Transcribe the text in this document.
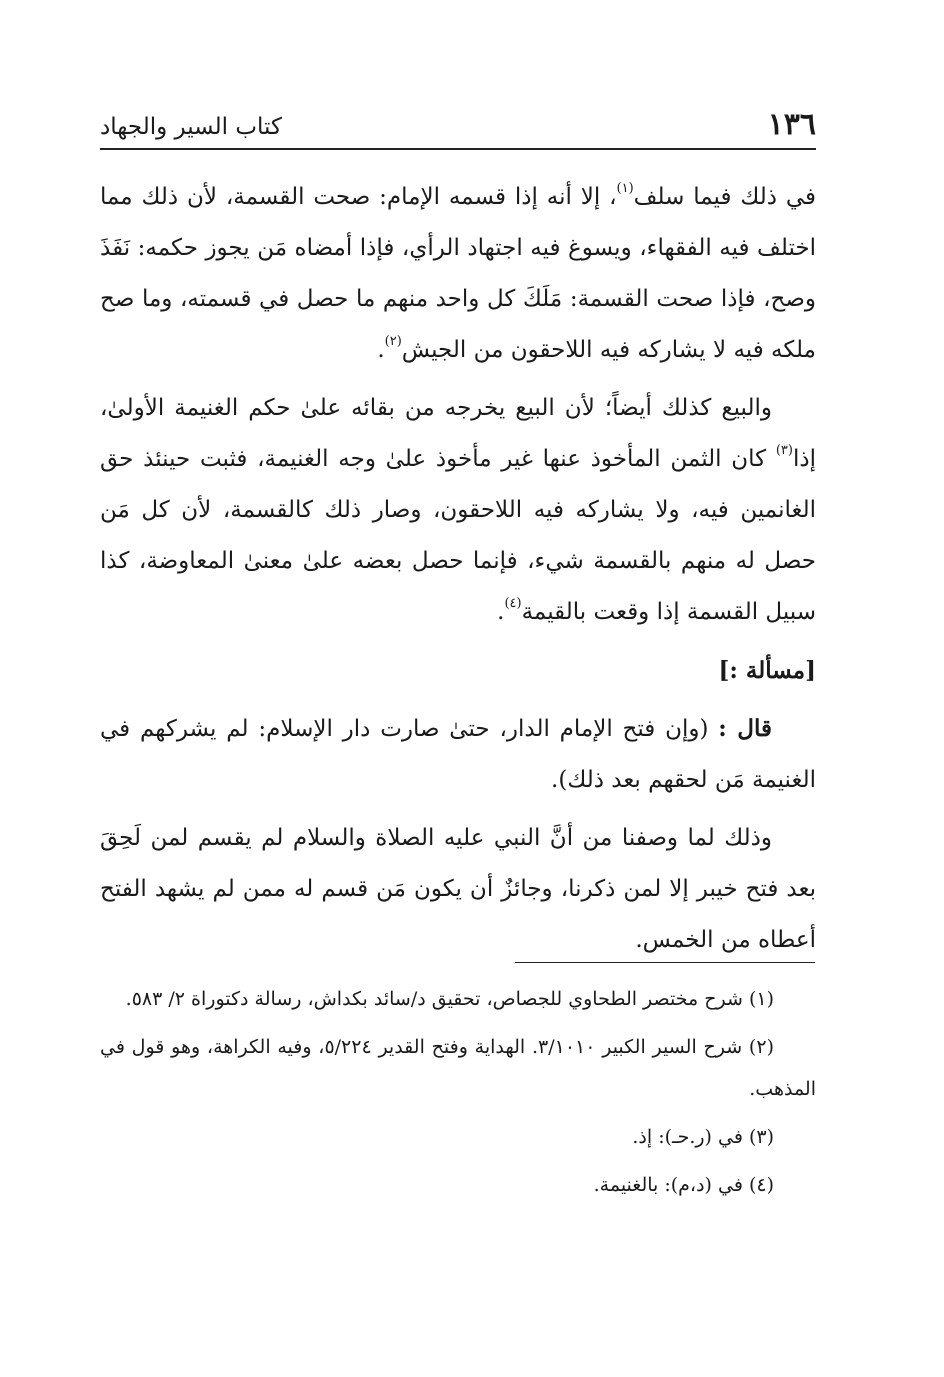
١٣٦
كتاب السير والجهاد

في ذلك فيما سلف$^{(١)}$، إلا أنه إذا قسمه الإمام: صحت القسمة، لأن ذلك مما اختلف فيه الفقهاء، ويسوغ فيه اجتهاد الرأي، فإذا أمضاه مَن يجوز حكمه: نَفَذَ وصح، فإذا صحت القسمة: مَلَكَ كل واحد منهم ما حصل في قسمته، وما صح ملكه فيه لا يشاركه فيه اللاحقون من الجيش$^{(٢)}$.

والبيع كذلك أيضاً؛ لأن البيع يخرجه من بقائه علىٰ حكم الغنيمة الأولىٰ، إذا$^{(٣)}$ كان الثمن المأخوذ عنها غير مأخوذ علىٰ وجه الغنيمة، فثبت حينئذ حق الغانمين فيه، ولا يشاركه فيه اللاحقون، وصار ذلك كالقسمة، لأن كل مَن حصل له منهم بالقسمة شيء، فإنما حصل بعضه علىٰ معنىٰ المعاوضة، كذا سبيل القسمة إذا وقعت بالقيمة$^{(٤)}$.

[مسألة :]

قال : (وإن فتح الإمام الدار، حتىٰ صارت دار الإسلام: لم يشركهم في الغنيمة مَن لحقهم بعد ذلك).

وذلك لما وصفنا من أنَّ النبي عليه الصلاة والسلام لم يقسم لمن لَحِقَ بعد فتح خيبر إلا لمن ذكرنا، وجائزٌ أن يكون مَن قسم له ممن لم يشهد الفتح أعطاه من الخمس.

(١) شرح مختصر الطحاوي للجصاص، تحقيق د/سائد بكداش، رسالة دكتوراة ٢/ ٥٨٣.

(٢) شرح السير الكبير ٣/١٠١٠. الهداية وفتح القدير ٥/٢٢٤، وفيه الكراهة، وهو قول في المذهب.

(٣) في (ر.حـ): إذ.

(٤) في (د،م): بالغنيمة.
